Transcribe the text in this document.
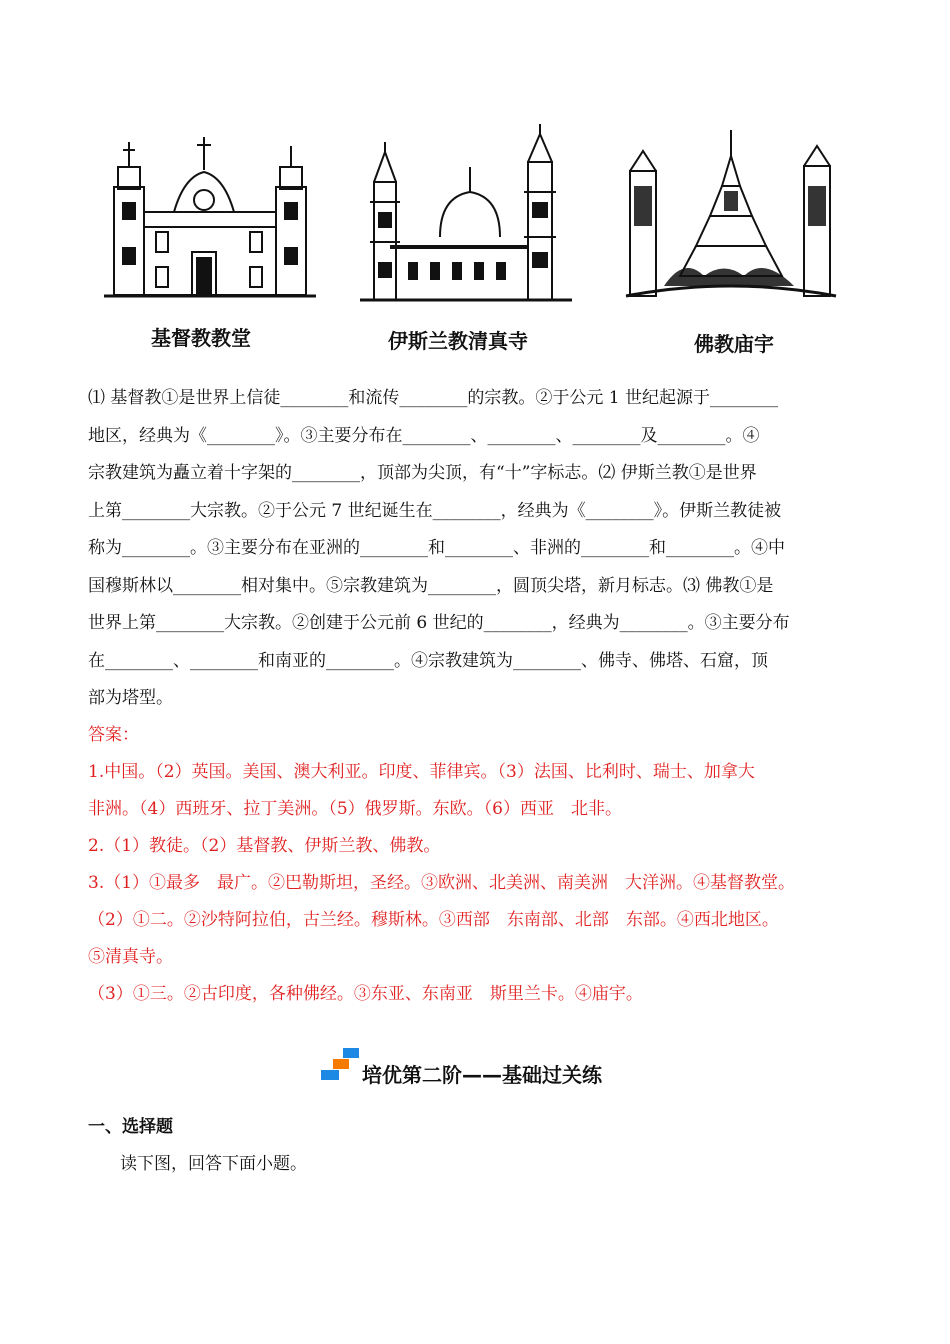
基督教教堂	伊斯兰教清真寺	佛教庙宇
⑴ 基督教①是世界上信徒________和流传________的宗教。②于公元 1 世纪起源于________
地区，经典为《________》。③主要分布在________、________、________及________。④
宗教建筑为矗立着十字架的________，顶部为尖顶，有“十”字标志。⑵ 伊斯兰教①是世界
上第________大宗教。②于公元 7 世纪诞生在________，经典为《________》。伊斯兰教徒被
称为________。③主要分布在亚洲的________和________、非洲的________和________。④中
国穆斯林以________相对集中。⑤宗教建筑为________，圆顶尖塔，新月标志。⑶ 佛教①是
世界上第________大宗教。②创建于公元前 6 世纪的________，经典为________。③主要分布
在________、________和南亚的________。④宗教建筑为________、佛寺、佛塔、石窟，顶
部为塔型。
答案：
1.中国。（2）英国。美国、澳大利亚。印度、菲律宾。（3）法国、比利时、瑞士、加拿大
非洲。（4）西班牙、拉丁美洲。（5）俄罗斯。东欧。（6）西亚　北非。
2.（1）教徒。（2）基督教、伊斯兰教、佛教。
3.（1）①最多　最广。②巴勒斯坦，圣经。③欧洲、北美洲、南美洲　大洋洲。④基督教堂。
（2）①二。②沙特阿拉伯，古兰经。穆斯林。③西部　东南部、北部　东部。④西北地区。
⑤清真寺。
（3）①三。②古印度，各种佛经。③东亚、东南亚　斯里兰卡。④庙宇。
培优第二阶——基础过关练
一、选择题
读下图，回答下面小题。
